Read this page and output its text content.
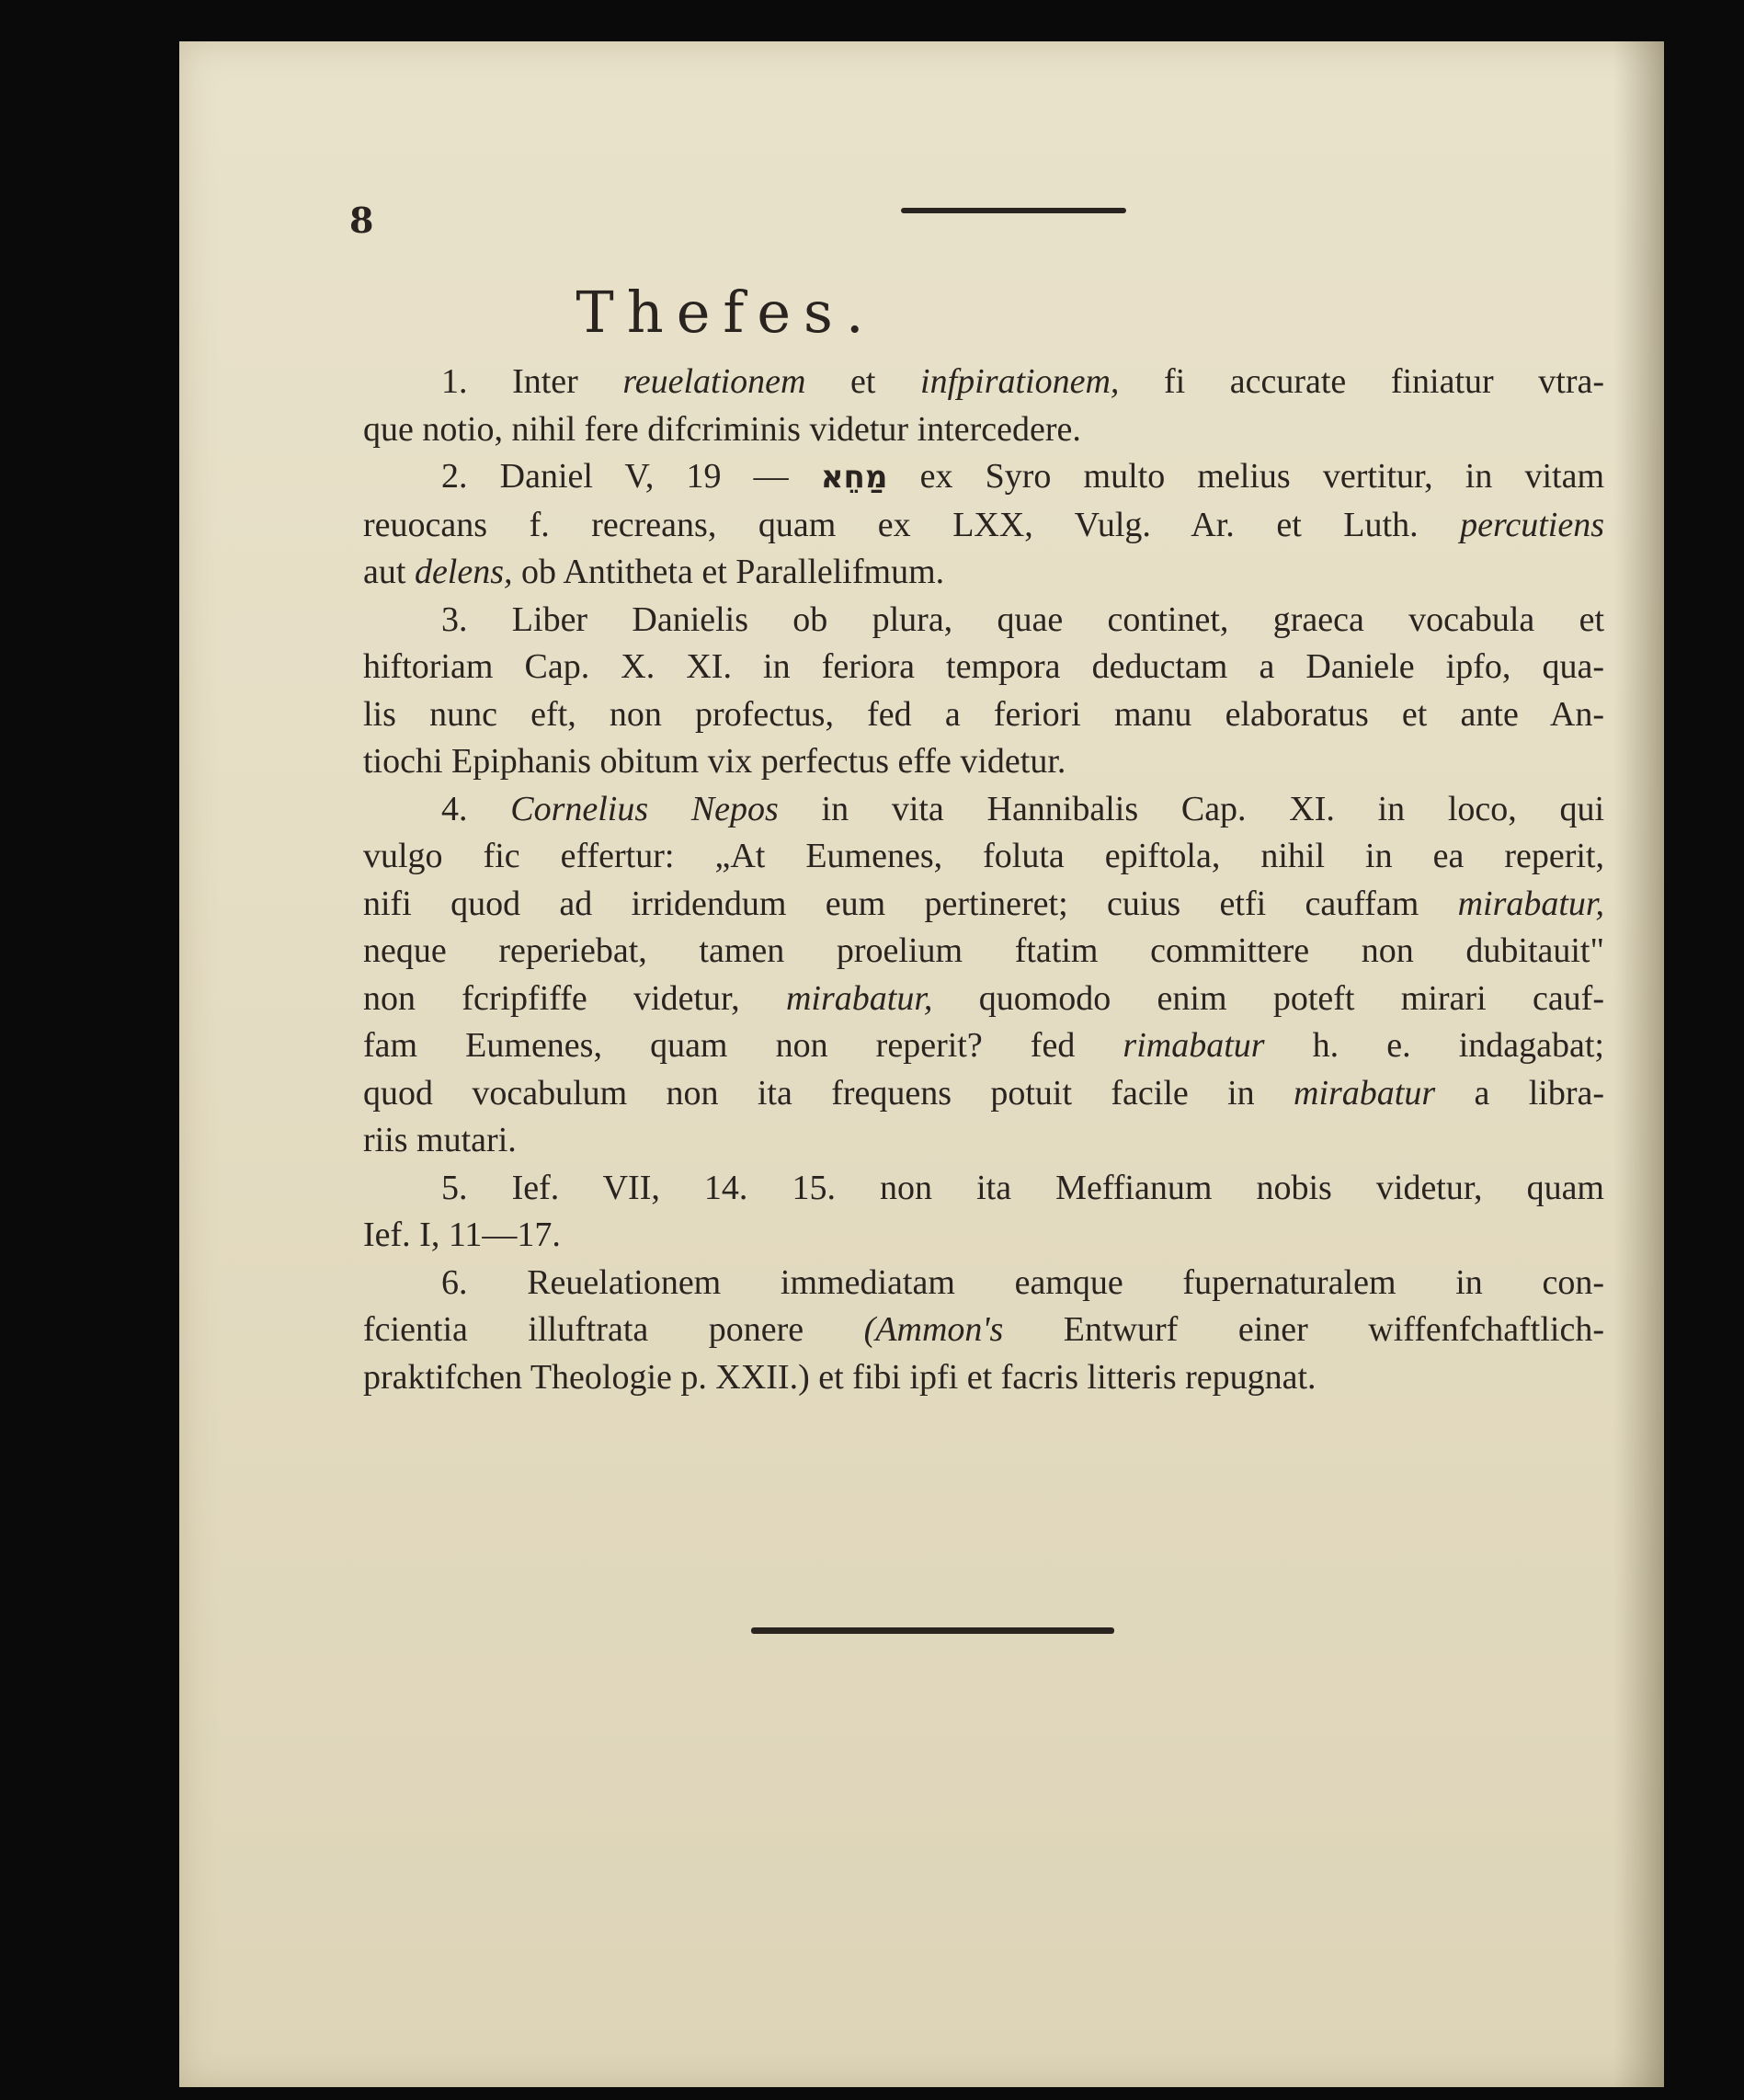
8
Thefes.
1. Inter reuelationem et infpirationem, fi accurate finiatur vtra-
que notio, nihil fere difcriminis videtur intercedere.
2. Daniel V, 19 — מַחֵא ex Syro multo melius vertitur, in vitam
reuocans f. recreans, quam ex LXX, Vulg. Ar. et Luth. percutiens
aut delens, ob Antitheta et Parallelifmum.
3. Liber Danielis ob plura, quae continet, graeca vocabula et
hiftoriam Cap. X. XI. in feriora tempora deductam a Daniele ipfo, qua-
lis nunc eft, non profectus, fed a feriori manu elaboratus et ante An-
tiochi Epiphanis obitum vix perfectus effe videtur.
4. Cornelius Nepos in vita Hannibalis Cap. XI. in loco, qui
vulgo fic effertur: „At Eumenes, foluta epiftola, nihil in ea reperit,
nifi quod ad irridendum eum pertineret; cuius etfi cauffam mirabatur,
neque reperiebat, tamen proelium ftatim committere non dubitauit"
non fcripfiffe videtur, mirabatur, quomodo enim poteft mirari cauf-
fam Eumenes, quam non reperit? fed rimabatur h. e. indagabat;
quod vocabulum non ita frequens potuit facile in mirabatur a libra-
riis mutari.
5. Ief. VII, 14. 15. non ita Meffianum nobis videtur, quam
Ief. I, 11—17.
6. Reuelationem immediatam eamque fupernaturalem in con-
fcientia illuftrata ponere (Ammon's Entwurf einer wiffenfchaftlich-
praktifchen Theologie p. XXII.) et fibi ipfi et facris litteris repugnat.
